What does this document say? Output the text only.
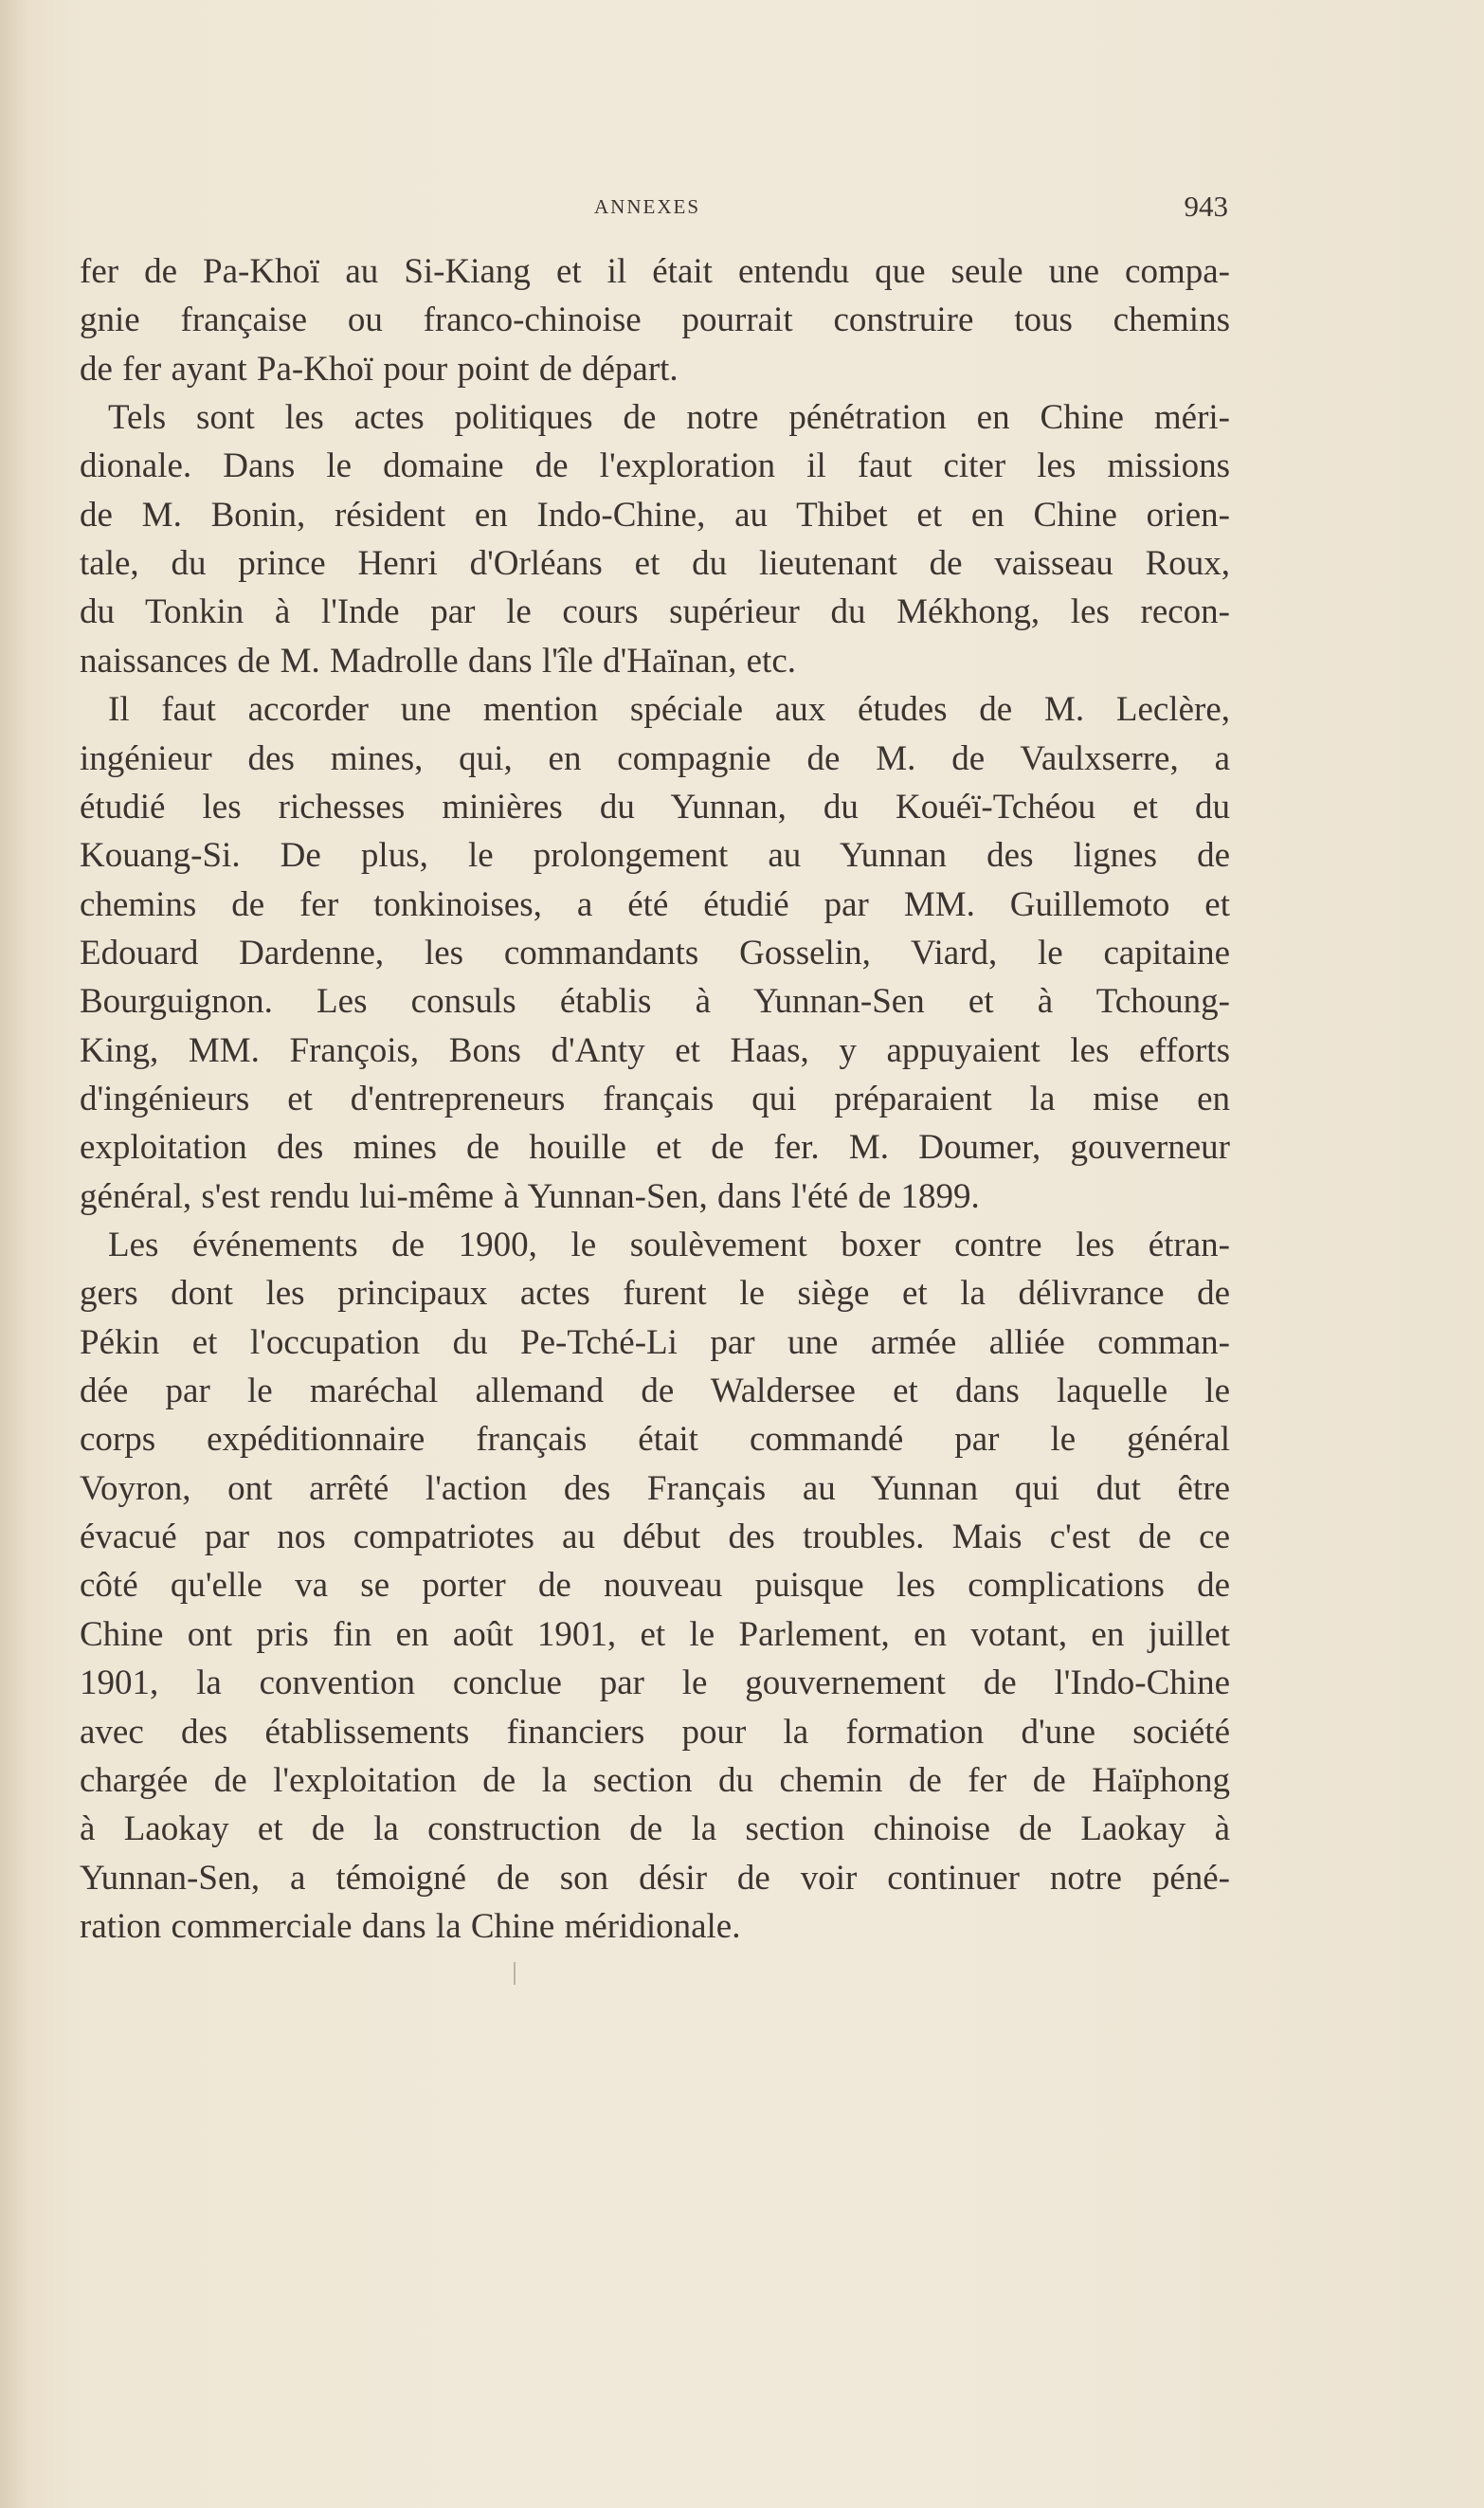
ANNEXES	943
fer de Pa-Khoï au Si-Kiang et il était entendu que seule une compa-
gnie française ou franco-chinoise pourrait construire tous chemins
de fer ayant Pa-Khoï pour point de départ.
Tels sont les actes politiques de notre pénétration en Chine méri-
dionale. Dans le domaine de l'exploration il faut citer les missions
de M. Bonin, résident en Indo-Chine, au Thibet et en Chine orien-
tale, du prince Henri d'Orléans et du lieutenant de vaisseau Roux,
du Tonkin à l'Inde par le cours supérieur du Mékhong, les recon-
naissances de M. Madrolle dans l'île d'Haïnan, etc.
Il faut accorder une mention spéciale aux études de M. Leclère,
ingénieur des mines, qui, en compagnie de M. de Vaulxserre, a
étudié les richesses minières du Yunnan, du Kouéï-Tchéou et du
Kouang-Si. De plus, le prolongement au Yunnan des lignes de
chemins de fer tonkinoises, a été étudié par MM. Guillemoto et
Edouard Dardenne, les commandants Gosselin, Viard, le capitaine
Bourguignon. Les consuls établis à Yunnan-Sen et à Tchoung-
King, MM. François, Bons d'Anty et Haas, y appuyaient les efforts
d'ingénieurs et d'entrepreneurs français qui préparaient la mise en
exploitation des mines de houille et de fer. M. Doumer, gouverneur
général, s'est rendu lui-même à Yunnan-Sen, dans l'été de 1899.
Les événements de 1900, le soulèvement boxer contre les étran-
gers dont les principaux actes furent le siège et la délivrance de
Pékin et l'occupation du Pe-Tché-Li par une armée alliée comman-
dée par le maréchal allemand de Waldersee et dans laquelle le
corps expéditionnaire français était commandé par le général
Voyron, ont arrêté l'action des Français au Yunnan qui dut être
évacué par nos compatriotes au début des troubles. Mais c'est de ce
côté qu'elle va se porter de nouveau puisque les complications de
Chine ont pris fin en août 1901, et le Parlement, en votant, en juillet
1901, la convention conclue par le gouvernement de l'Indo-Chine
avec des établissements financiers pour la formation d'une société
chargée de l'exploitation de la section du chemin de fer de Haïphong
à Laokay et de la construction de la section chinoise de Laokay à
Yunnan-Sen, a témoigné de son désir de voir continuer notre péné-
ration commerciale dans la Chine méridionale.
